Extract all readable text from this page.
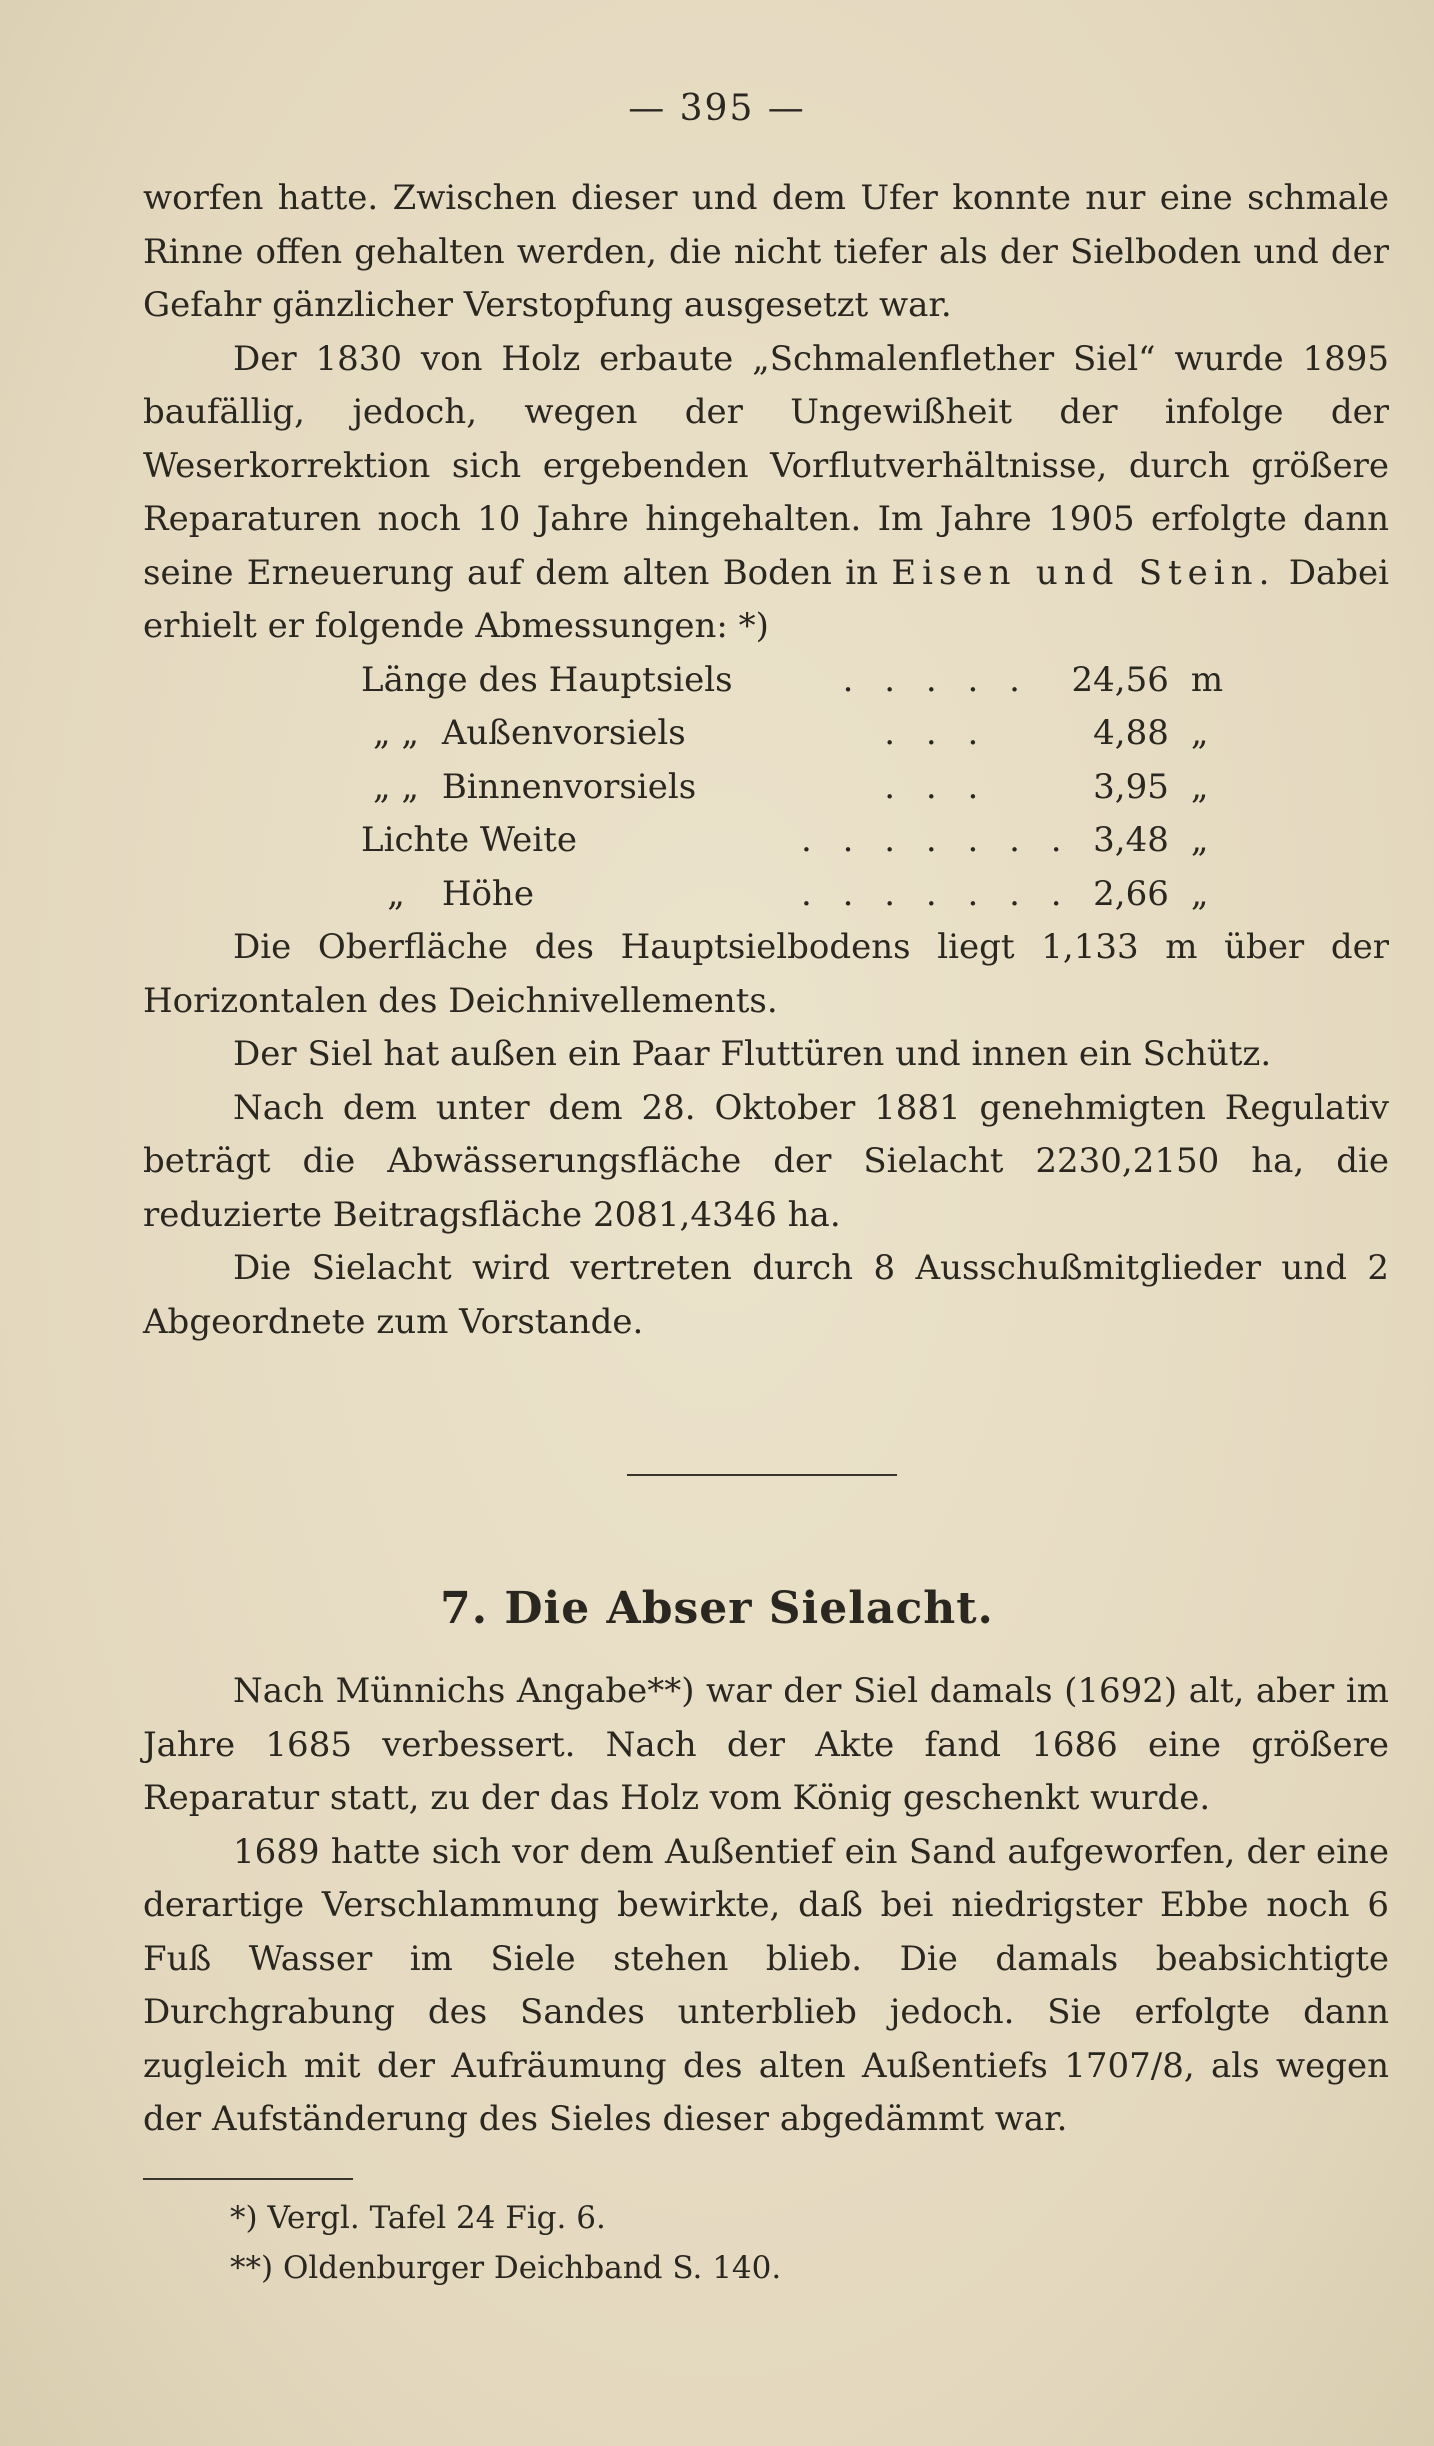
— 395 —

worfen hatte. Zwischen dieser und dem Ufer konnte nur eine schmale Rinne offen gehalten werden, die nicht tiefer als der Sielboden und der Gefahr gänzlicher Verstopfung ausgesetzt war.

Der 1830 von Holz erbaute „Schmalenflether Siel“ wurde 1895 baufällig, jedoch, wegen der Ungewißheit der infolge der Weserkorrektion sich ergebenden Vorflutverhältnisse, durch größere Reparaturen noch 10 Jahre hingehalten. Im Jahre 1905 erfolgte dann seine Erneuerung auf dem alten Boden in Eisen und Stein. Dabei erhielt er folgende Abmessungen: *)

Länge des Hauptsiels	. . . . .	24,56	m
„ „ Außenvorsiels	. . .	4,88	„
„ „ Binnenvorsiels	. . .	3,95	„
Lichte Weite	. . . . . . .	3,48	„
„ Höhe	. . . . . . .	2,66	„

Die Oberfläche des Hauptsielbodens liegt 1,133 m über der Horizontalen des Deichnivellements.

Der Siel hat außen ein Paar Fluttüren und innen ein Schütz.

Nach dem unter dem 28. Oktober 1881 genehmigten Regulativ beträgt die Abwässerungsfläche der Sielacht 2230,2150 ha, die reduzierte Beitragsfläche 2081,4346 ha.

Die Sielacht wird vertreten durch 8 Ausschußmitglieder und 2 Abgeordnete zum Vorstande.

7. Die Abser Sielacht.

Nach Münnichs Angabe**) war der Siel damals (1692) alt, aber im Jahre 1685 verbessert. Nach der Akte fand 1686 eine größere Reparatur statt, zu der das Holz vom König geschenkt wurde.

1689 hatte sich vor dem Außentief ein Sand aufgeworfen, der eine derartige Verschlammung bewirkte, daß bei niedrigster Ebbe noch 6 Fuß Wasser im Siele stehen blieb. Die damals beabsichtigte Durchgrabung des Sandes unterblieb jedoch. Sie erfolgte dann zugleich mit der Aufräumung des alten Außentiefs 1707/8, als wegen der Aufständerung des Sieles dieser abgedämmt war.

*) Vergl. Tafel 24 Fig. 6.
**) Oldenburger Deichband S. 140.
